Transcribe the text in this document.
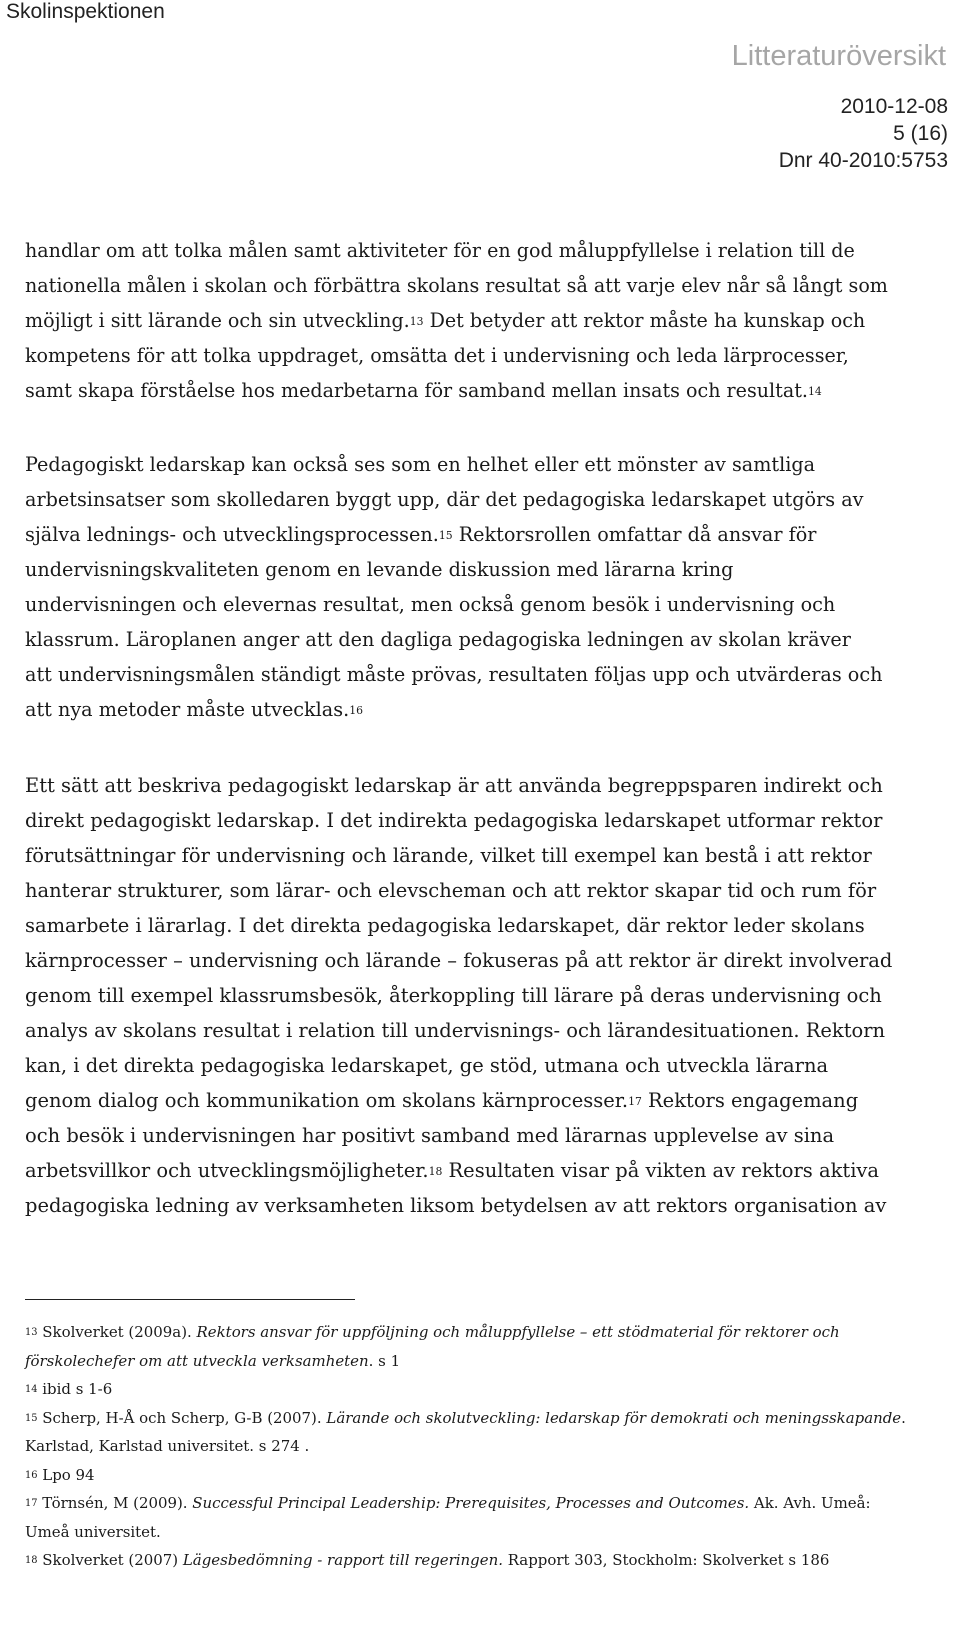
Skolinspektionen
Litteraturöversikt
2010-12-08
5 (16)
Dnr 40-2010:5753
handlar om att tolka målen samt aktiviteter för en god måluppfyllelse i relation till de
nationella målen i skolan och förbättra skolans resultat så att varje elev når så långt som
möjligt i sitt lärande och sin utveckling.$^{13}$ Det betyder att rektor måste ha kunskap och
kompetens för att tolka uppdraget, omsätta det i undervisning och leda lärprocesser,
samt skapa förståelse hos medarbetarna för samband mellan insats och resultat.$^{14}$
Pedagogiskt ledarskap kan också ses som en helhet eller ett mönster av samtliga
arbetsinsatser som skolledaren byggt upp, där det pedagogiska ledarskapet utgörs av
själva lednings- och utvecklingsprocessen.$^{15}$ Rektorsrollen omfattar då ansvar för
undervisningskvaliteten genom en levande diskussion med lärarna kring
undervisningen och elevernas resultat, men också genom besök i undervisning och
klassrum. Läroplanen anger att den dagliga pedagogiska ledningen av skolan kräver
att undervisningsmålen ständigt måste prövas, resultaten följas upp och utvärderas och
att nya metoder måste utvecklas.$^{16}$
Ett sätt att beskriva pedagogiskt ledarskap är att använda begreppsparen indirekt och
direkt pedagogiskt ledarskap. I det indirekta pedagogiska ledarskapet utformar rektor
förutsättningar för undervisning och lärande, vilket till exempel kan bestå i att rektor
hanterar strukturer, som lärar- och elevscheman och att rektor skapar tid och rum för
samarbete i lärarlag. I det direkta pedagogiska ledarskapet, där rektor leder skolans
kärnprocesser – undervisning och lärande – fokuseras på att rektor är direkt involverad
genom till exempel klassrumsbesök, återkoppling till lärare på deras undervisning och
analys av skolans resultat i relation till undervisnings- och lärandesituationen. Rektorn
kan, i det direkta pedagogiska ledarskapet, ge stöd, utmana och utveckla lärarna
genom dialog och kommunikation om skolans kärnprocesser.$^{17}$ Rektors engagemang
och besök i undervisningen har positivt samband med lärarnas upplevelse av sina
arbetsvillkor och utvecklingsmöjligheter.$^{18}$ Resultaten visar på vikten av rektors aktiva
pedagogiska ledning av verksamheten liksom betydelsen av att rektors organisation av
$^{13}$ Skolverket (2009a). Rektors ansvar för uppföljning och måluppfyllelse – ett stödmaterial för rektorer och
förskolechefer om att utveckla verksamheten. s 1
$^{14}$ ibid s 1-6
$^{15}$ Scherp, H-Å och Scherp, G-B (2007). Lärande och skolutveckling: ledarskap för demokrati och meningsskapande.
Karlstad, Karlstad universitet. s 274 .
$^{16}$ Lpo 94
$^{17}$ Törnsén, M (2009). Successful Principal Leadership: Prerequisites, Processes and Outcomes. Ak. Avh. Umeå:
Umeå universitet.
$^{18}$ Skolverket (2007) Lägesbedömning - rapport till regeringen. Rapport 303, Stockholm: Skolverket s 186
